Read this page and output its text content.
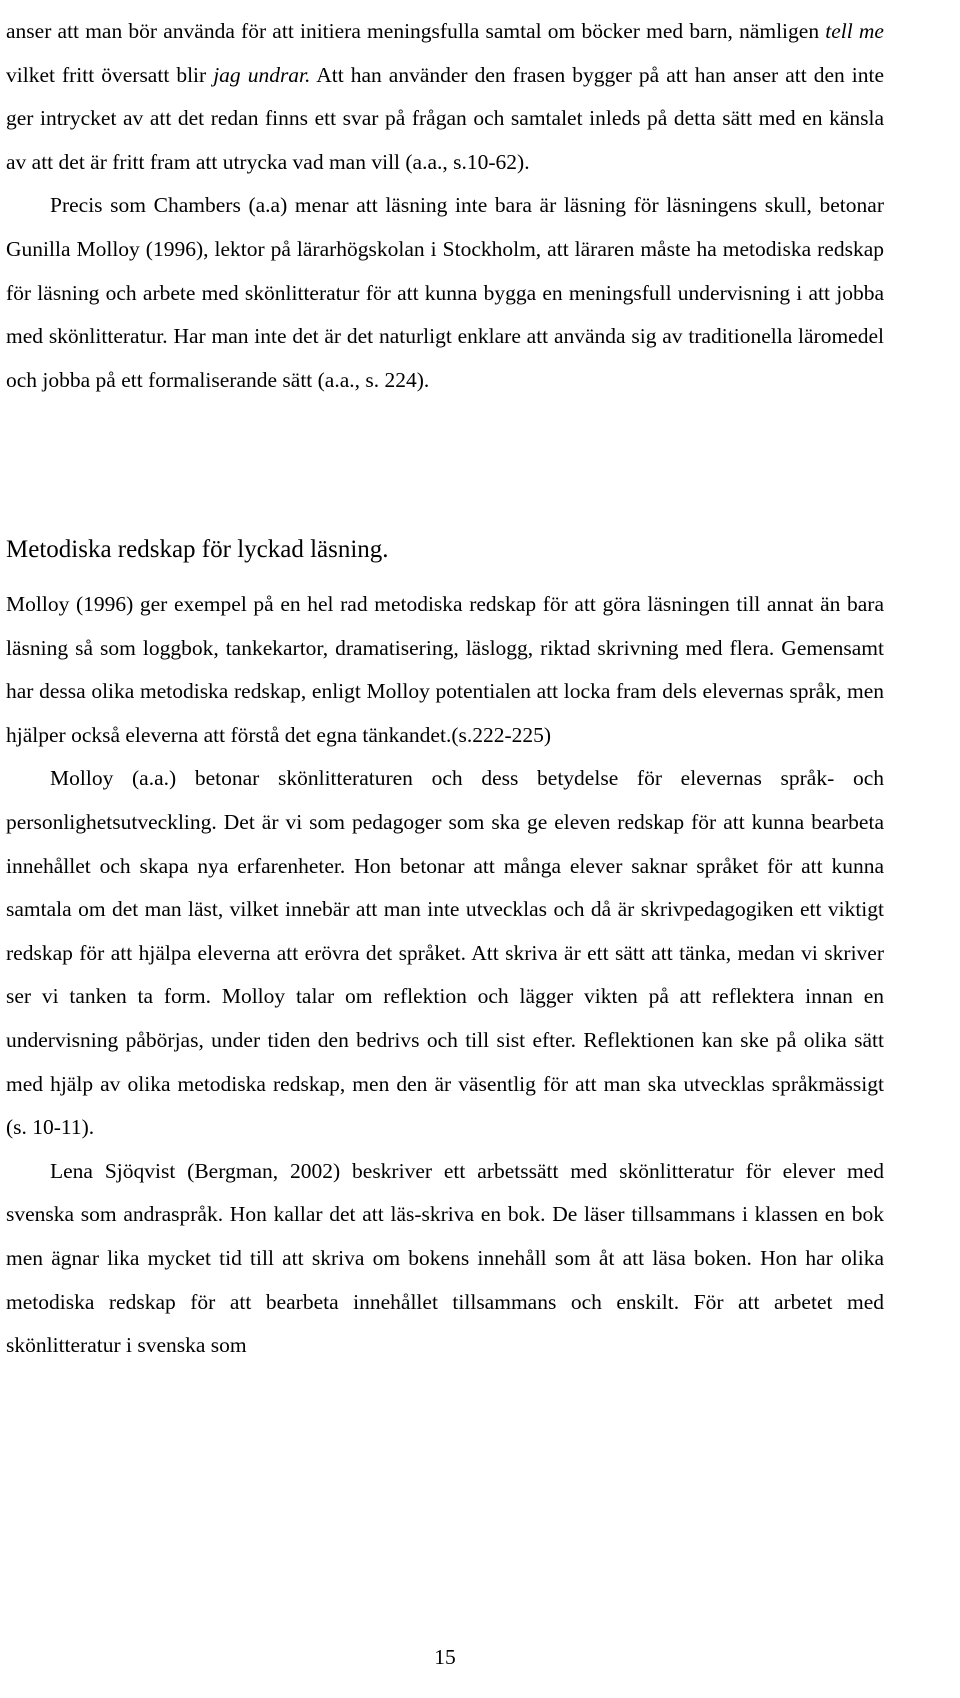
anser att man bör använda för att initiera meningsfulla samtal om böcker med barn, nämligen tell me vilket fritt översatt blir jag undrar. Att han använder den frasen bygger på att han anser att den inte ger intrycket av att det redan finns ett svar på frågan och samtalet inleds på detta sätt med en känsla av att det är fritt fram att utrycka vad man vill (a.a., s.10-62).

Precis som Chambers (a.a) menar att läsning inte bara är läsning för läsningens skull, betonar Gunilla Molloy (1996), lektor på lärarhögskolan i Stockholm, att läraren måste ha metodiska redskap för läsning och arbete med skönlitteratur för att kunna bygga en meningsfull undervisning i att jobba med skönlitteratur. Har man inte det är det naturligt enklare att använda sig av traditionella läromedel och jobba på ett formaliserande sätt (a.a., s. 224).

Metodiska redskap för lyckad läsning.

Molloy (1996) ger exempel på en hel rad metodiska redskap för att göra läsningen till annat än bara läsning så som loggbok, tankekartor, dramatisering, läslogg, riktad skrivning med flera. Gemensamt har dessa olika metodiska redskap, enligt Molloy potentialen att locka fram dels elevernas språk, men hjälper också eleverna att förstå det egna tänkandet.(s.222-225)

Molloy (a.a.) betonar skönlitteraturen och dess betydelse för elevernas språk- och personlighetsutveckling. Det är vi som pedagoger som ska ge eleven redskap för att kunna bearbeta innehållet och skapa nya erfarenheter. Hon betonar att många elever saknar språket för att kunna samtala om det man läst, vilket innebär att man inte utvecklas och då är skrivpedagogiken ett viktigt redskap för att hjälpa eleverna att erövra det språket. Att skriva är ett sätt att tänka, medan vi skriver ser vi tanken ta form. Molloy talar om reflektion och lägger vikten på att reflektera innan en undervisning påbörjas, under tiden den bedrivs och till sist efter. Reflektionen kan ske på olika sätt med hjälp av olika metodiska redskap, men den är väsentlig för att man ska utvecklas språkmässigt (s. 10-11).

Lena Sjöqvist (Bergman, 2002) beskriver ett arbetssätt med skönlitteratur för elever med svenska som andraspråk. Hon kallar det att läs-skriva en bok. De läser tillsammans i klassen en bok men ägnar lika mycket tid till att skriva om bokens innehåll som åt att läsa boken. Hon har olika metodiska redskap för att bearbeta innehållet tillsammans och enskilt. För att arbetet med skönlitteratur i svenska som

15
